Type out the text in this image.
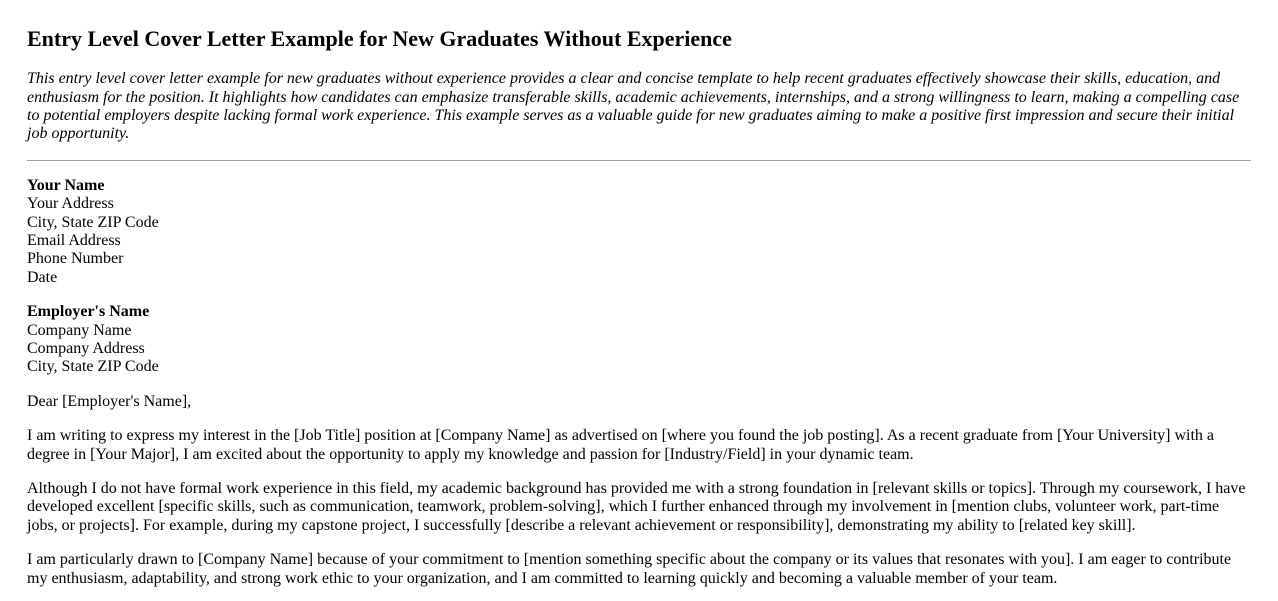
Entry Level Cover Letter Example for New Graduates Without Experience

This entry level cover letter example for new graduates without experience provides a clear and concise template to help recent graduates effectively showcase their skills, education, and enthusiasm for the position. It highlights how candidates can emphasize transferable skills, academic achievements, internships, and a strong willingness to learn, making a compelling case to potential employers despite lacking formal work experience. This example serves as a valuable guide for new graduates aiming to make a positive first impression and secure their initial job opportunity.

Your Name
Your Address
City, State ZIP Code
Email Address
Phone Number
Date

Employer's Name
Company Name
Company Address
City, State ZIP Code

Dear [Employer's Name],

I am writing to express my interest in the [Job Title] position at [Company Name] as advertised on [where you found the job posting]. As a recent graduate from [Your University] with a degree in [Your Major], I am excited about the opportunity to apply my knowledge and passion for [Industry/Field] in your dynamic team.

Although I do not have formal work experience in this field, my academic background has provided me with a strong foundation in [relevant skills or topics]. Through my coursework, I have developed excellent [specific skills, such as communication, teamwork, problem-solving], which I further enhanced through my involvement in [mention clubs, volunteer work, part-time jobs, or projects]. For example, during my capstone project, I successfully [describe a relevant achievement or responsibility], demonstrating my ability to [related key skill].

I am particularly drawn to [Company Name] because of your commitment to [mention something specific about the company or its values that resonates with you]. I am eager to contribute my enthusiasm, adaptability, and strong work ethic to your organization, and I am committed to learning quickly and becoming a valuable member of your team.
